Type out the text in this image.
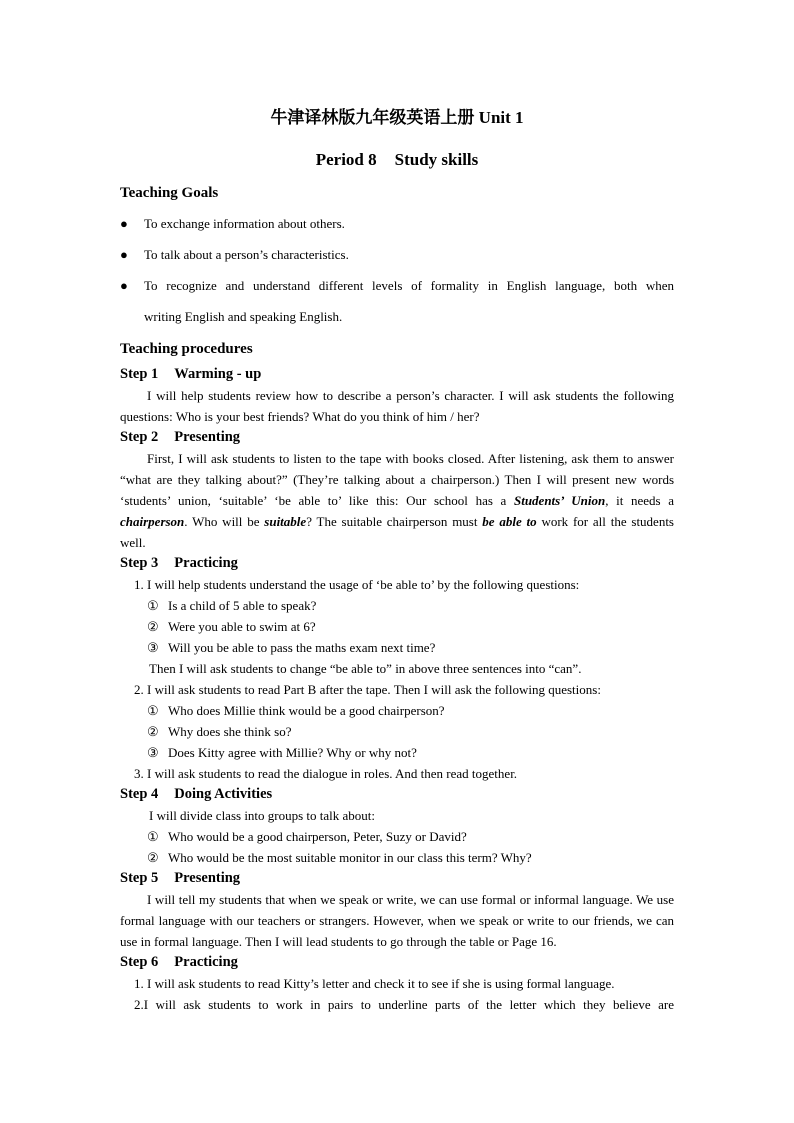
牛津译林版九年级英语上册 Unit 1
Period 8 Study skills
Teaching Goals
● To exchange information about others.
● To talk about a person’s characteristics.
● To recognize and understand different levels of formality in English language, both when
writing English and speaking English.
Teaching procedures
Step 1 Warming - up
I will help students review how to describe a person’s character. I will ask students the following questions: Who is your best friends? What do you think of him / her?
Step 2 Presenting
First, I will ask students to listen to the tape with books closed. After listening, ask them to answer “what are they talking about?” (They’re talking about a chairperson.) Then I will present new words ‘students’ union, ‘suitable’ ‘be able to’ like this: Our school has a Students’ Union, it needs a chairperson. Who will be suitable? The suitable chairperson must be able to work for all the students well.
Step 3 Practicing
1. I will help students understand the usage of ‘be able to’ by the following questions:
① Is a child of 5 able to speak?
② Were you able to swim at 6?
③ Will you be able to pass the maths exam next time?
Then I will ask students to change “be able to” in above three sentences into “can”.
2. I will ask students to read Part B after the tape. Then I will ask the following questions:
① Who does Millie think would be a good chairperson?
② Why does she think so?
③ Does Kitty agree with Millie? Why or why not?
3. I will ask students to read the dialogue in roles. And then read together.
Step 4 Doing Activities
I will divide class into groups to talk about:
① Who would be a good chairperson, Peter, Suzy or David?
② Who would be the most suitable monitor in our class this term? Why?
Step 5 Presenting
I will tell my students that when we speak or write, we can use formal or informal language. We use formal language with our teachers or strangers. However, when we speak or write to our friends, we can use in formal language. Then I will lead students to go through the table or Page 16.
Step 6 Practicing
1. I will ask students to read Kitty’s letter and check it to see if she is using formal language.
2.I will ask students to work in pairs to underline parts of the letter which they believe are
